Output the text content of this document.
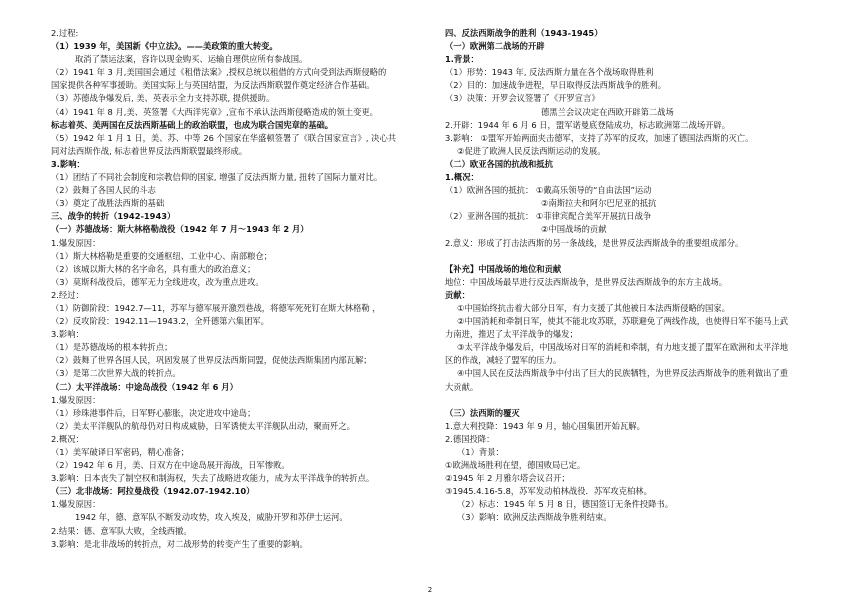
2.过程:
（1）1939 年，美国新《中立法》。——美政策的重大转变。
取消了禁运法案，容许以现金购买、运输自理供应所有参战国。
（2）1941 年 3 月,美国国会通过《租借法案》,授权总统以租借的方式向受到法西斯侵略的
国家提供各种军事援助。美国实际上与英国结盟，为反法西斯联盟作奠定经济合作基础。
（3）苏德战争爆发后, 美、英表示全力支持苏联, 提供援助。
（4）1941 年 8 月,美、英签署《大西洋宪章》,宣布不承认法西斯侵略造成的领土变更。
标志着英、美两国在反法西斯基础上的政治联盟，也成为联合国宪章的基础。
（5）1942 年 1 月 1 日，美、苏、中等 26 个国家在华盛顿签署了《联合国家宣言》, 决心共
同对法西斯作战, 标志着世界反法西斯联盟最终形成。
3.影响：
（1）团结了不同社会制度和宗教信仰的国家, 增强了反法西斯力量, 扭转了国际力量对比。
（2）鼓舞了各国人民的斗志
（3）奠定了战胜法西斯的基础
三、战争的转折（1942-1943）
（一）苏德战场：斯大林格勒战役（1942 年 7 月～1943 年 2 月）
1.爆发原因：
（1）斯大林格勒是重要的交通枢纽、工业中心、南部粮仓；
（2）该城以斯大林的名字命名，具有重大的政治意义；
（3）莫斯科战役后，德军无力全线进攻，改为重点进攻。
2.经过：
（1）防御阶段：1942.7—11，苏军与德军展开激烈巷战，将德军死死钉在斯大林格勒 ，
（2）反攻阶段：1942.11—1943.2，全歼德第六集团军。
3.影响：
（1）是苏德战场的根本转折点；
（2）鼓舞了世界各国人民，巩固发展了世界反法西斯同盟，促使法西斯集团内部瓦解；
（3）是第二次世界大战的转折点。
（二）太平洋战场：中途岛战役（1942 年 6 月）
1.爆发原因：
（1）珍珠港事件后，日军野心膨胀，决定进攻中途岛；
（2）美太平洋舰队的航母仍对日构成威胁，日军诱使太平洋舰队出动，聚而歼之。
2.概况：
（1）美军破译日军密码，精心准备；
（2）1942 年 6 月，美、日双方在中途岛展开海战，日军惨败。
3.影响：日本丧失了制空权和制海权，失去了战略进攻能力，成为太平洋战争的转折点。
（三）北非战场：阿拉曼战役（1942.07-1942.10）
1.爆发原因：
1942 年，德、意军队不断发动攻势，攻入埃及，威胁开罗和苏伊士运河。
2.结果：德、意军队大败，全线西撤。
3.影响：是北非战场的转折点，对二战形势的转变产生了重要的影响。
四、反法西斯战争的胜利（1943-1945）
（一）欧洲第二战场的开辟
1.背景：
（1）形势：1943 年, 反法西斯力量在各个战场取得胜利
（2）目的：加速战争进程，早日取得反法西斯战争的胜利。
（3）决策：开罗会议签署了《开罗宣言》
德黑兰会议决定在西欧开辟第二战场
2.开辟：1944 年 6 月 6 日，盟军诺曼底登陆成功，标志欧洲第二战场开辟。
3.影响： ①盟军开始两面夹击德军，支持了苏军的反攻，加速了德国法西斯的灭亡。
②促进了欧洲人民反法西斯运动的发展。
（二）欧亚各国的抗战和抵抗
1.概况：
（1）欧洲各国的抵抗： ①戴高乐领导的“自由法国”运动
②南斯拉夫和阿尔巴尼亚的抵抗
（2）亚洲各国的抵抗： ①菲律宾配合美军开展抗日战争
②中国战场的贡献
2.意义：形成了打击法西斯的另一条战线，是世界反法西斯战争的重要组成部分。
【补充】中国战场的地位和贡献
地位：中国战场最早进行反法西斯战争，是世界反法西斯战争的东方主战场。
贡献：
①中国始终抗击着大部分日军，有力支援了其他被日本法西斯侵略的国家。
②中国消耗和牵制日军，使其不能北攻苏联，苏联避免了两线作战，也使得日军不能马上武
力南进，推迟了太平洋战争的爆发；
③太平洋战争爆发后，中国战场对日军的消耗和牵制，有力地支援了盟军在欧洲和太平洋地
区的作战，减轻了盟军的压力。
④中国人民在反法西斯战争中付出了巨大的民族牺牲，为世界反法西斯战争的胜利做出了重
大贡献。
（三）法西斯的覆灭
1.意大利投降：1943 年 9 月，轴心国集团开始瓦解。
2.德国投降：
（1）背景：
①欧洲战场胜利在望，德国败局已定。
②1945 年 2 月雅尔塔会议召开；
③1945.4.16-5.8，苏军发动柏林战役．苏军攻克柏林。
（2）标志：1945 年 5 月 8 日，德国签订无条件投降书。
（3）影响：欧洲反法西斯战争胜利结束。
2
